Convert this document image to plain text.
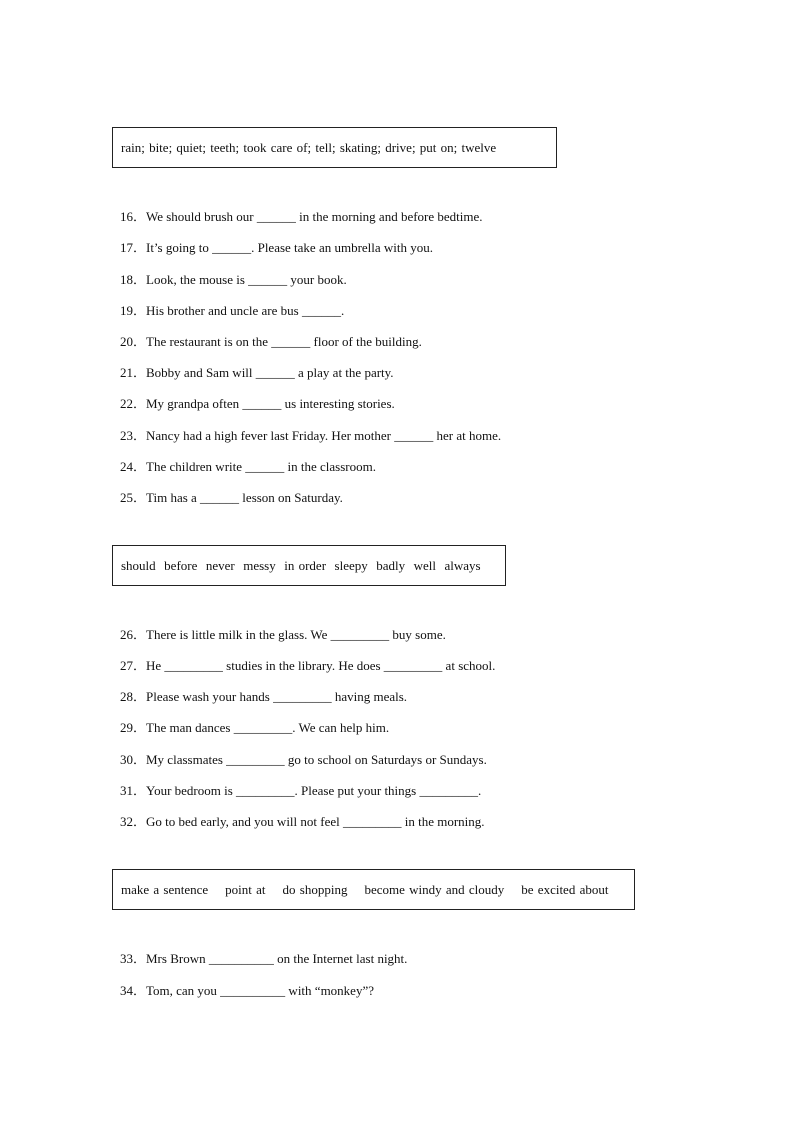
rain; bite; quiet; teeth; took care of; tell; skating; drive; put on; twelve
16．We should brush our ______ in the morning and before bedtime.
17．It’s going to ______. Please take an umbrella with you.
18．Look, the mouse is ______ your book.
19．His brother and uncle are bus ______.
20．The restaurant is on the ______ floor of the building.
21．Bobby and Sam will ______ a play at the party.
22．My grandpa often ______ us interesting stories.
23．Nancy had a high fever last Friday. Her mother ______ her at home.
24．The children write ______ in the classroom.
25．Tim has a ______ lesson on Saturday.
should  before  never  messy  in order  sleepy  badly  well  always
26．There is little milk in the glass. We _________ buy some.
27．He _________ studies in the library. He does _________ at school.
28．Please wash your hands _________ having meals.
29．The man dances _________. We can help him.
30．My classmates _________ go to school on Saturdays or Sundays.
31．Your bedroom is _________. Please put your things _________.
32．Go to bed early, and you will not feel _________ in the morning.
make a sentence    point at    do shopping    become windy and cloudy    be excited about
33．Mrs Brown __________ on the Internet last night.
34．Tom, can you __________ with “monkey”?
